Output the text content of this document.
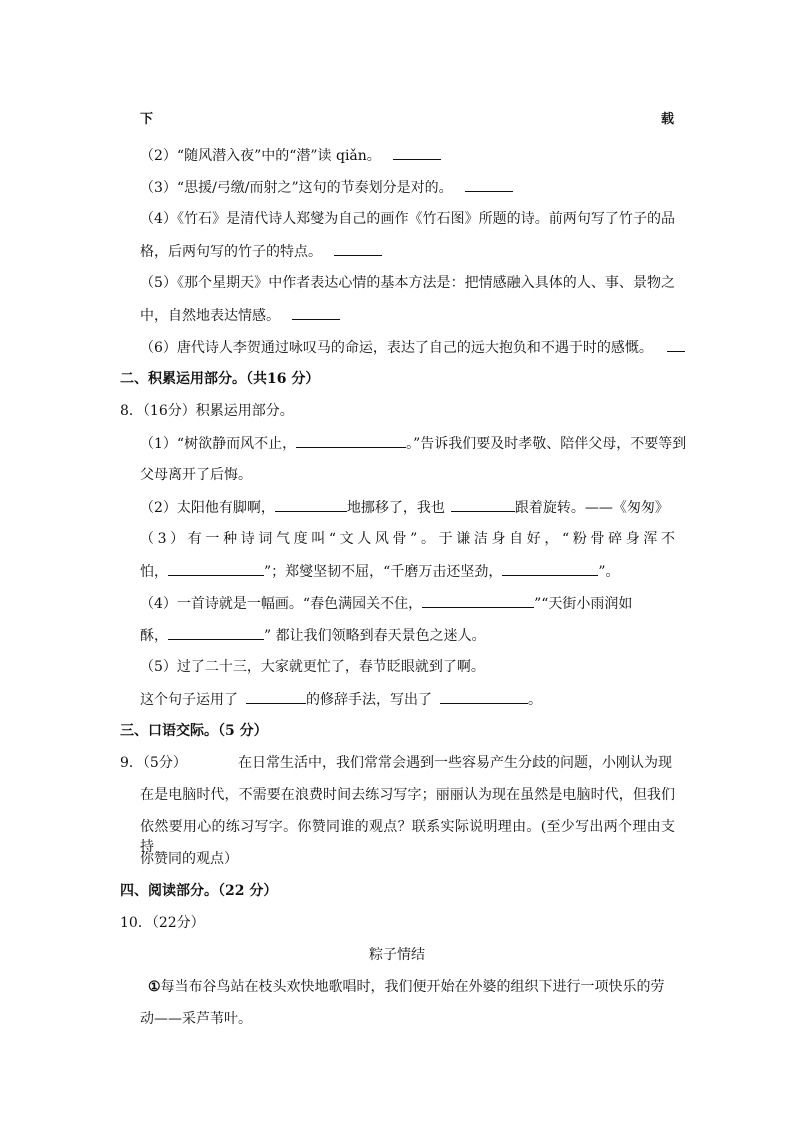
下	载
（2）“随风潜入夜”中的“潜”读 qiǎn。
（3）“思援/弓缴/而射之”这句的节奏划分是对的。
（4）《竹石》是清代诗人郑燮为自己的画作《竹石图》所题的诗。前两句写了竹子的品
格，后两句写的竹子的特点。
（5）《那个星期天》中作者表达心情的基本方法是：把情感融入具体的人、事、景物之
中，自然地表达情感。
（6）唐代诗人李贺通过咏叹马的命运，表达了自己的远大抱负和不遇于时的感慨。
二、积累运用部分。（共16 分）
8．（16分）积累运用部分。
（1）“树欲静而风不止，	。”告诉我们要及时孝敬、陪伴父母，不要等到
父母离开了后悔。
（2）太阳他有脚啊，	地挪移了，我也	跟着旋转。——《匆匆》
（3）有一种诗词气度叫“文人风骨”。于谦洁身自好，“粉骨碎身浑不
怕，	”；郑燮坚韧不屈，“千磨万击还坚劲，	”。
（4）一首诗就是一幅画。“春色满园关不住，	”“天街小雨润如
酥，	” 都让我们领略到春天景色之迷人。
（5）过了二十三，大家就更忙了，春节眨眼就到了啊。
这个句子运用了	的修辞手法，写出了	。
三、口语交际。（5 分）
9．（5分）	在日常生活中，我们常常会遇到一些容易产生分歧的问题，小刚认为现
在是电脑时代，不需要在浪费时间去练习写字；丽丽认为现在虽然是电脑时代，但我们
依然要用心的练习写字。你赞同谁的观点？联系实际说明理由。(至少写出两个理由支持
你赞同的观点）
四、阅读部分。（22 分）
10．（22分）
粽子情结
①每当布谷鸟站在枝头欢快地歌唱时，我们便开始在外婆的组织下进行一项快乐的劳
动——采芦苇叶。
